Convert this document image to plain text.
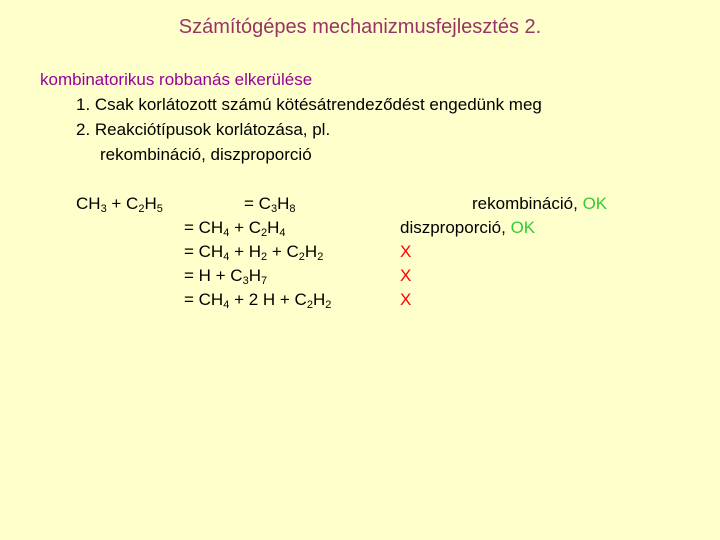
Számítógépes mechanizmusfejlesztés 2.
kombinatorikus robbanás elkerülése
1. Csak korlátozott számú kötésátrendeződést engedünk meg
2. Reakciótípusok korlátozása, pl.
rekombináció, diszproporció
$CH_3 + C_2H_5$	= $C_3H_8$
= $CH_4 + C_2H_4$
= $CH_4 + H_2 + C_2H_2$
= $H + C_3H_7$
= $CH_4 + 2$ $H + C_2H_2$
rekombináció, OK
diszproporció, OK
X
X
X
